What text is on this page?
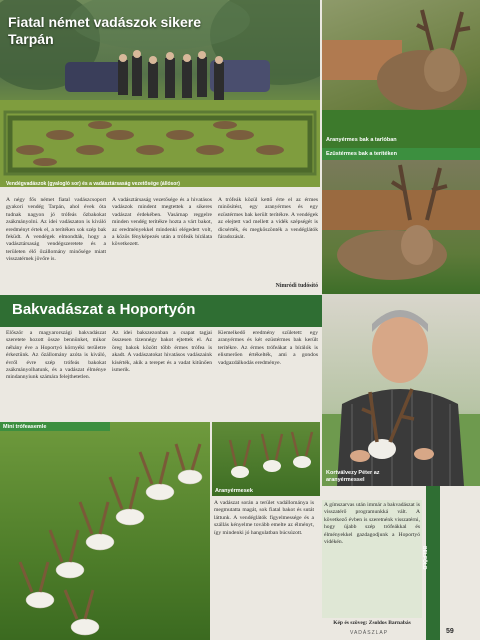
Fiatal német vadászok sikere
Tarpán
Vendégvadászok (gyalogló sor) és a vadásztársaság vezetősége (állósor)
Aranyérmes bak a tarlóban
Ezüstérmes bak a terítéken

A négy fős német fiatal vadászcsoport gyakori vendég Tarpán, ahol évek óta tudnak nagyon jó trófeás őzbakokat zsákmányolni. Az idei vadászaton is kiváló eredményt értek el, a terítéken sok szép bak feküdt. A vendégek elmondták, hogy a vadásztársaság vendégszeretete és a területen élő őzállomány minősége miatt visszatérnek jövőre is.

A vadásztársaság vezetősége és a hivatásos vadászok mindent megtettek a sikeres vadászat érdekében. Vasárnap reggelre minden vendég terítékre hozta a várt bakot, az eredményekkel mindenki elégedett volt, a közös fényképezés után a trófeák bírálata következett.

A trófeák közül kettő érte el az érmes minősítést, egy aranyérmes és egy ezüstérmes bak került terítékre. A vendégek az elejtett vad mellett a vidék szépségét is dicsérték, és megköszönték a vendéglátók fáradozását.

Nimródi tudósító
Bakvadászat a Hoportyón
Kortválvezy Péter az
aranyérmessel

Először a magyarországi bakvadászat szeretete hozott össze bennünket, mikor néhány éve a Hoportyó környéki területre érkeztünk. Az őzállomány azóta is kiváló, évről évre szép trófeás bakokat zsákmányolhatunk, és a vadászat élménye mindannyiunk számára felejthetetlen.

Az idei bakszezonban a csapat tagjai összesen tizennégy bakot ejtettek el. Az öreg bakok között több érmes trófea is akadt. A vadászatokat hivatásos vadászaink kísérték, akik a terepet és a vadat kitűnően ismerik.

Kiemelkedő eredmény született: egy aranyérmes és két ezüstérmes bak került terítékre. Az érmes trófeákat a bírálók is elismerően értékelték, ami a gondos vadgazdálkodás eredménye.

Mini trófeasemle
Aranyérmesek

A vadászat során a terület vadállománya is megmutatta magát, sok fiatal bakot és sutát láttunk. A vendéglátók figyelmessége és a szállás kényelme tovább emelte az élményt, így mindenki jó hangulatban búcsúzott.

A gímszarvas után immár a bakvadászat is visszatérő programunkká vált. A következő évben is szeretnénk visszatérni, hogy újabb szép trófeákkal és élményekkel gazdagodjunk a Hoportyó vidékén.

Kép és szöveg: Zsoldos Barnabás
BELFÖLD
VADÁSZLAP	59
